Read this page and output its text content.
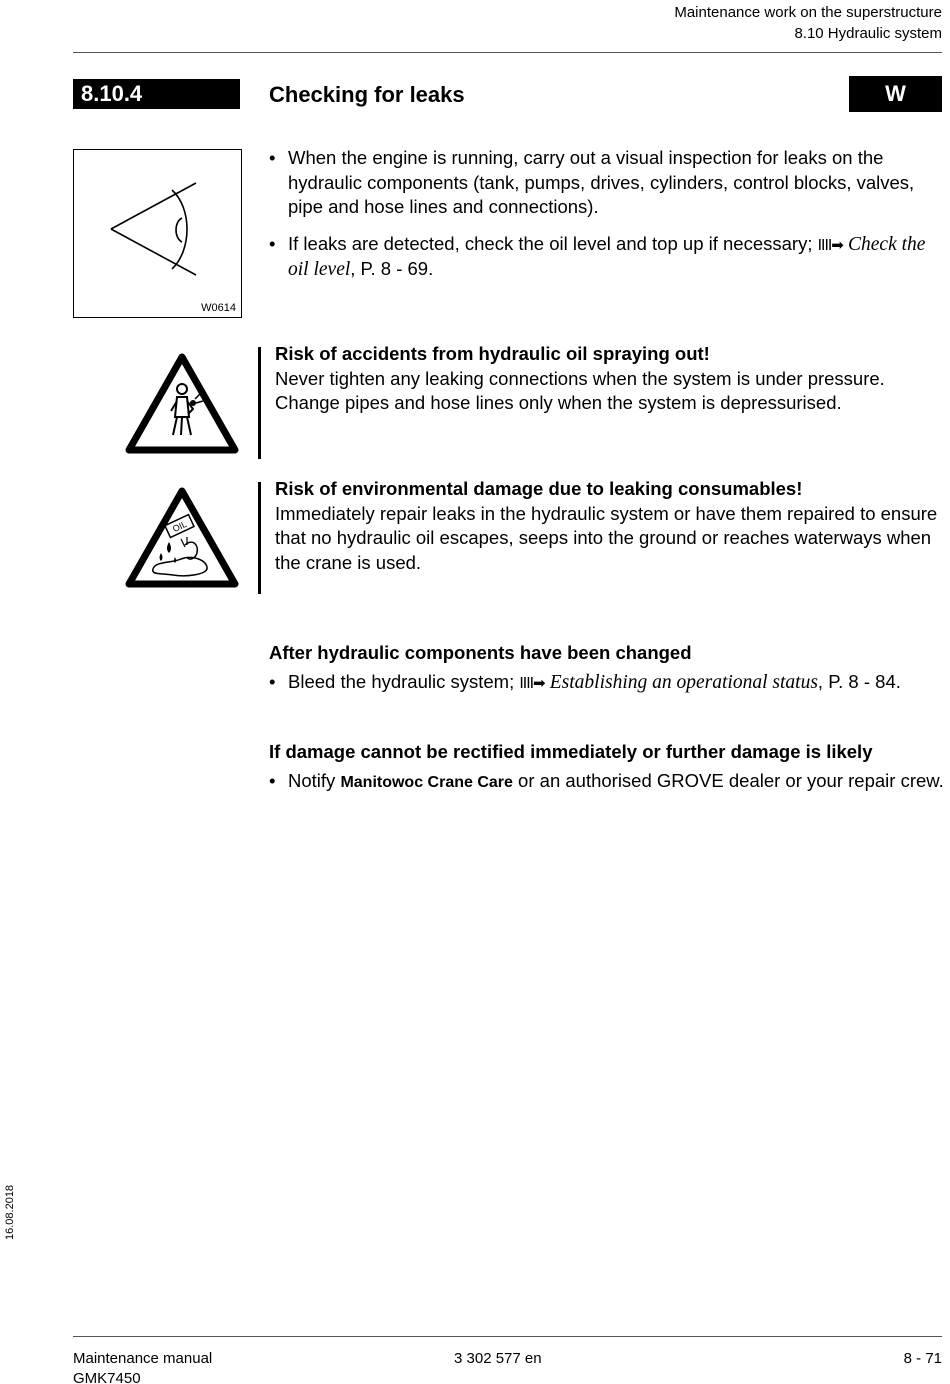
Maintenance work on the superstructure
8.10 Hydraulic system
8.10.4	Checking for leaks	W
W0614
• When the engine is running, carry out a visual inspection for leaks on the hydraulic components (tank, pumps, drives, cylinders, control blocks, valves, pipe and hose lines and connections).
• If leaks are detected, check the oil level and top up if necessary; IIII➡ Check the oil level, P. 8 - 69.
Risk of accidents from hydraulic oil spraying out!
Never tighten any leaking connections when the system is under pressure. Change pipes and hose lines only when the system is depressurised.
OIL
Risk of environmental damage due to leaking consumables!
Immediately repair leaks in the hydraulic system or have them repaired to ensure that no hydraulic oil escapes, seeps into the ground or reaches waterways when the crane is used.
After hydraulic components have been changed
• Bleed the hydraulic system; IIII➡ Establishing an operational status, P. 8 - 84.
If damage cannot be rectified immediately or further damage is likely
• Notify Manitowoc Crane Care or an authorised GROVE dealer or your repair crew.
16.08.2018
Maintenance manual
GMK7450
3 302 577 en	8 - 71
